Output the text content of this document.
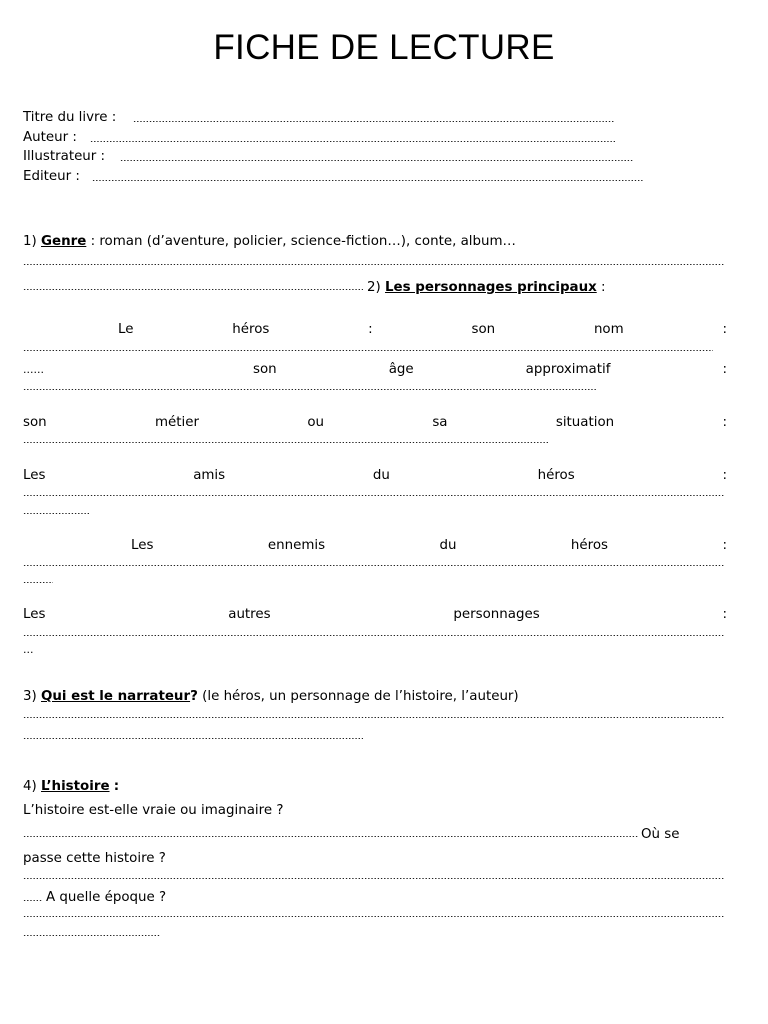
FICHE DE LECTURE
Titre du livre :
Auteur :
Illustrateur :
Editeur :
1) Genre : roman (d’aventure, policier, science-fiction…), conte, album…
2) Les personnages principaux :
Le	héros	:	son	nom	:
......	son	âge	approximatif	:
son	métier	ou	sa	situation	:
Les	amis	du	héros	:
Les	ennemis	du	héros	:
Les	autres	personnages	:
...
3) Qui est le narrateur? (le héros, un personnage de l’histoire, l’auteur)
4) L’histoire :
L’histoire est-elle vraie ou imaginaire ?
Où se
passe cette histoire ?
A quelle époque ?
